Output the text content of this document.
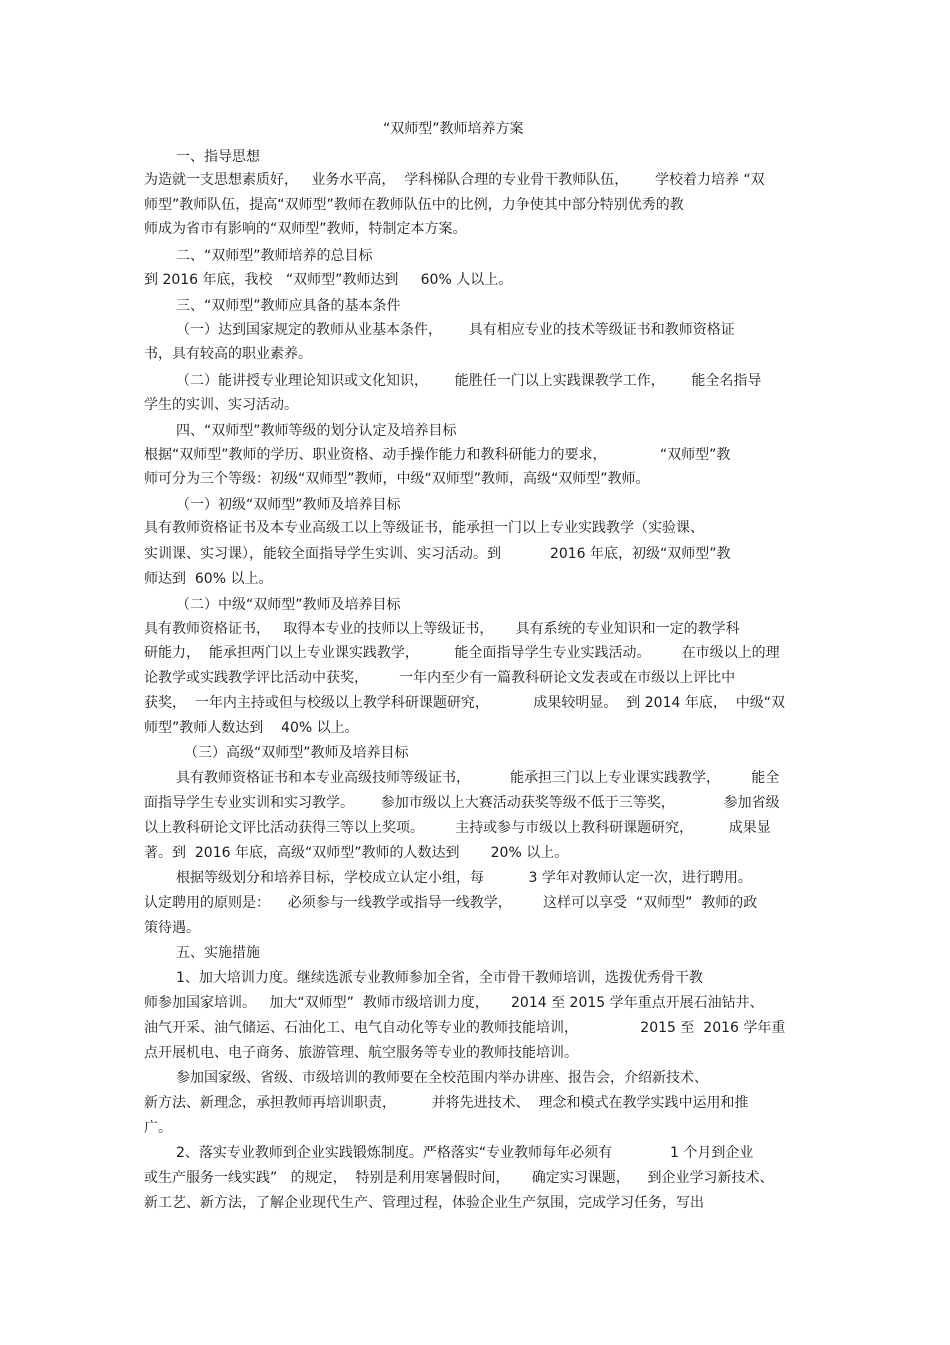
“双师型”教师培养方案
一、指导思想
为造就一支思想素质好，   业务水平高，  学科梯队合理的专业骨干教师队伍，      学校着力培养 “双
师型”教师队伍，提高“双师型”教师在教师队伍中的比例，力争使其中部分特别优秀的教
师成为省市有影响的“双师型”教师，特制定本方案。
二、“双师型”教师培养的总目标
到 2016 年底，我校   “双师型”教师达到     60% 人以上。
三、“双师型”教师应具备的基本条件
（一）达到国家规定的教师从业基本条件，      具有相应专业的技术等级证书和教师资格证
书，具有较高的职业素养。
（二）能讲授专业理论知识或文化知识，      能胜任一门以上实践课教学工作，      能全名指导
学生的实训、实习活动。
四、“双师型”教师等级的划分认定及培养目标
根据“双师型”教师的学历、职业资格、动手操作能力和教科研能力的要求，            “双师型”教
师可分为三个等级：初级“双师型”教师，中级“双师型”教师，高级“双师型”教师。
（一）初级“双师型”教师及培养目标
具有教师资格证书及本专业高级工以上等级证书，能承担一门以上专业实践教学（实验课、
实训课、实习课），能较全面指导学生实训、实习活动。到           2016 年底，初级“双师型”教
师达到  60% 以上。
（二）中级“双师型”教师及培养目标
具有教师资格证书，   取得本专业的技师以上等级证书，     具有系统的专业知识和一定的教学科
研能力，  能承担两门以上专业课实践教学，        能全面指导学生专业实践活动。       在市级以上的理
论教学或实践教学评比活动中获奖，       一年内至少有一篇教科研论文发表或在市级以上评比中
获奖，  一年内主持或但与校级以上教学科研课题研究，          成果较明显。  到 2014 年底，  中级“双
师型”教师人数达到    40% 以上。
（三）高级“双师型”教师及培养目标
具有教师资格证书和本专业高级技师等级证书，         能承担三门以上专业课实践教学，       能全
面指导学生专业实训和实习教学。      参加市级以上大赛活动获奖等级不低于三等奖，           参加省级
以上教科研论文评比活动获得三等以上奖项。       主持或参与市级以上教科研课题研究，        成果显
著。到  2016 年底，高级“双师型”教师的人数达到       20% 以上。
根据等级划分和培养目标，学校成立认定小组，每          3 学年对教师认定一次，进行聘用。
认定聘用的原则是：    必须参与一线教学或指导一线教学，       这样可以享受  “双师型”  教师的政
策待遇。
五、实施措施
1、加大培训力度。继续选派专业教师参加全省，全市骨干教师培训，选拨优秀骨干教
师参加国家培训。   加大“双师型”  教师市级培训力度，     2014 至 2015 学年重点开展石油钻井、
油气开采、油气储运、石油化工、电气自动化等专业的教师技能培训，              2015 至  2016 学年重
点开展机电、电子商务、旅游管理、航空服务等专业的教师技能培训。
参加国家级、省级、市级培训的教师要在全校范围内举办讲座、报告会，介绍新技术、
新方法、新理念，承担教师再培训职责，        并将先进技术、  理念和模式在教学实践中运用和推
广。
2、落实专业教师到企业实践锻炼制度。严格落实“专业教师每年必须有             1 个月到企业
或生产服务一线实践”   的规定，  特别是利用寒暑假时间，     确定实习课题，    到企业学习新技术、
新工艺、新方法，了解企业现代生产、管理过程，体验企业生产氛围，完成学习任务，写出
